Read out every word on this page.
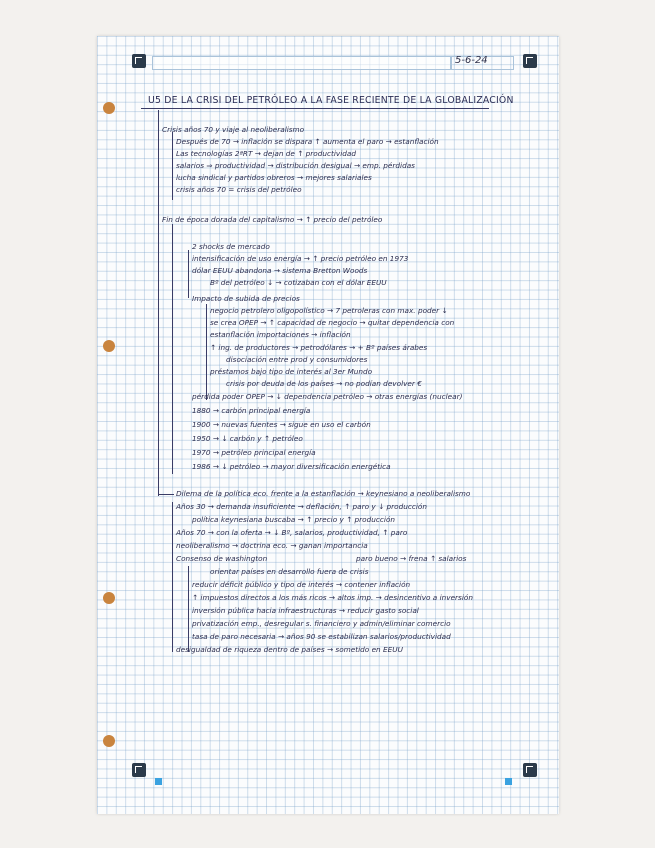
5-6-24
U5 DE LA CRISI DEL PETRÓLEO A LA FASE RECIENTE DE LA GLOBALIZACIÓN
Crisis años 70 y viaje al neoliberalismo
Después de 70 → inflación se dispara ↑ aumenta el paro → estanflación
Las tecnologías 2ªRT → dejan de ↑ productividad
salarios ⇒ productividad → distribución desigual → emp. pérdidas
lucha sindical y partidos obreros → mejores salariales
crisis años 70 = crisis del petróleo
Fin de época dorada del capitalismo → ↑ precio del petróleo
2 shocks de mercado
intensificación de uso energía → ↑ precio petróleo en 1973
dólar EEUU abandona → sistema Bretton Woods
Bº del petróleo ↓ → cotizaban con el dólar EEUU
Impacto de subida de precios
negocio petrolero oligopolístico → 7 petroleras con max. poder ↓
se crea OPEP → ↑ capacidad de negocio → quitar dependencia con
estanflación importaciones → inflación
↑ ing. de productores → petrodólares → + Bº países árabes
disociación entre prod y consumidores
préstamos bajo tipo de interés al 3er Mundo
crisis por deuda de los países → no podían devolver €
pérdida poder OPEP → ↓ dependencia petróleo → otras energías (nuclear)
1880 → carbón principal energía
1900 → nuevas fuentes → sigue en uso el carbón
1950 → ↓ carbón y ↑ petróleo
1970 → petróleo principal energía
1986 → ↓ petróleo → mayor diversificación energética
Dilema de la política eco. frente a la estanflación → keynesiano a neoliberalismo
Años 30 → demanda insuficiente → deflación, ↑ paro y ↓ producción
política keynesiana buscaba → ↑ precio y ↑ producción
Años 70 → con la oferta → ↓ Bº, salarios, productividad, ↑ paro
neoliberalismo → doctrina eco. → ganan importancia
Consenso de washington	paro bueno → frena ↑ salarios
orientar países en desarrollo fuera de crisis
reducir déficit público y tipo de interés → contener inflación
↑ impuestos directos a los más ricos → altos imp. → desincentivo a inversión
inversión pública hacia infraestructuras → reducir gasto social
privatización emp., desregular s. financiero y admin/eliminar comercio
tasa de paro necesaria → años 90 se estabilizan salarios/productividad
desigualdad de riqueza dentro de países → sometido en EEUU
